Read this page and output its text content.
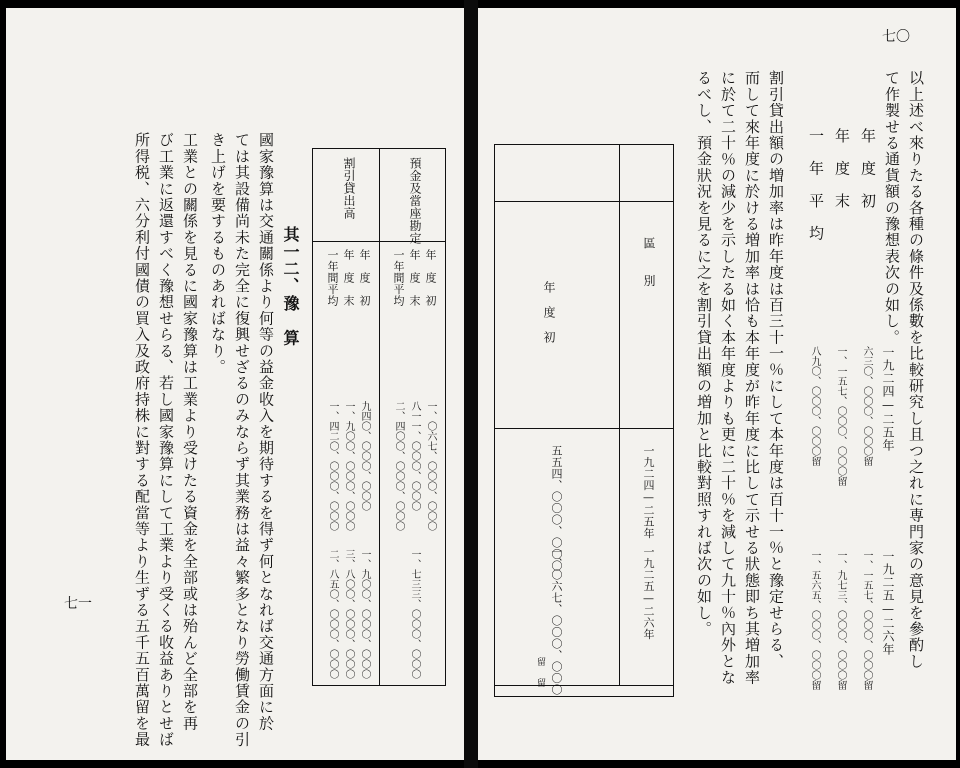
七〇
以上述べ來りたる各種の條件及係數を比較研究し且つ之れに専門家の意見を參酌し
て作製せる通貨額の豫想表次の如し。
年　度　初
年　度　末
一　年　平　均
一九二四—二五年
一九二五—二六年
六三〇、〇〇〇、〇〇〇留
一、一五七、〇〇〇、〇〇〇留
八九〇、〇〇〇、〇〇〇留
一、一五七、〇〇〇、〇〇〇留
一、九七三、〇〇〇、〇〇〇留
一、五六五、〇〇〇、〇〇〇留
割引貸出額の増加率は昨年度は百三十一％にして本年度は百十一％と豫定せらる、
而して來年度に於ける増加率は恰も本年度が昨年度に比して示せる狀態即ち其増加率
に於て二十％の減少を示したる如く本年度よりも更に二十％を減して九十％內外とな
るべし、預金狀況を見るに之を割引貸出額の増加と比較對照すれば次の如し。
區　　別
年　度　初
一九二四—二五年
五五四、〇〇〇、〇〇〇
留
一九二五—二六年
一、〇六七、〇〇〇、〇〇〇
留
七一
預金及當座勘定
割引貸出高
年　度　初
年　度　末
一年間平均
年　度　初
年　度　末
一年間平均
一、〇六七、〇〇〇、〇〇〇
八一一、〇〇〇、〇〇〇
二、四〇〇、〇〇〇、〇〇〇
一、七三三、〇〇〇、〇〇〇
九四〇、〇〇〇、〇〇〇
一、九〇〇、〇〇〇、〇〇〇
一、四二〇、〇〇〇、〇〇〇
一、九〇〇、〇〇〇、〇〇〇
三、八〇〇、〇〇〇、〇〇〇
二、八五〇、〇〇〇、〇〇〇
其一二、豫　算
國家豫算は交通關係より何等の益金收入を期待するを得ず何となれば交通方面に於
ては其設備尚未た完全に復興せざるのみならず其業務は益々繁多となり勞働賃金の引
き上げを要するものあればなり。
工業との關係を見るに國家豫算は工業より受けたる資金を全部或は殆んど全部を再
び工業に返還すべく豫想せらる、若し國家豫算にして工業より受くる收益ありとせば
所得税、六分利付國債の買入及政府持株に對する配當等より生ずる五千五百萬留を最
